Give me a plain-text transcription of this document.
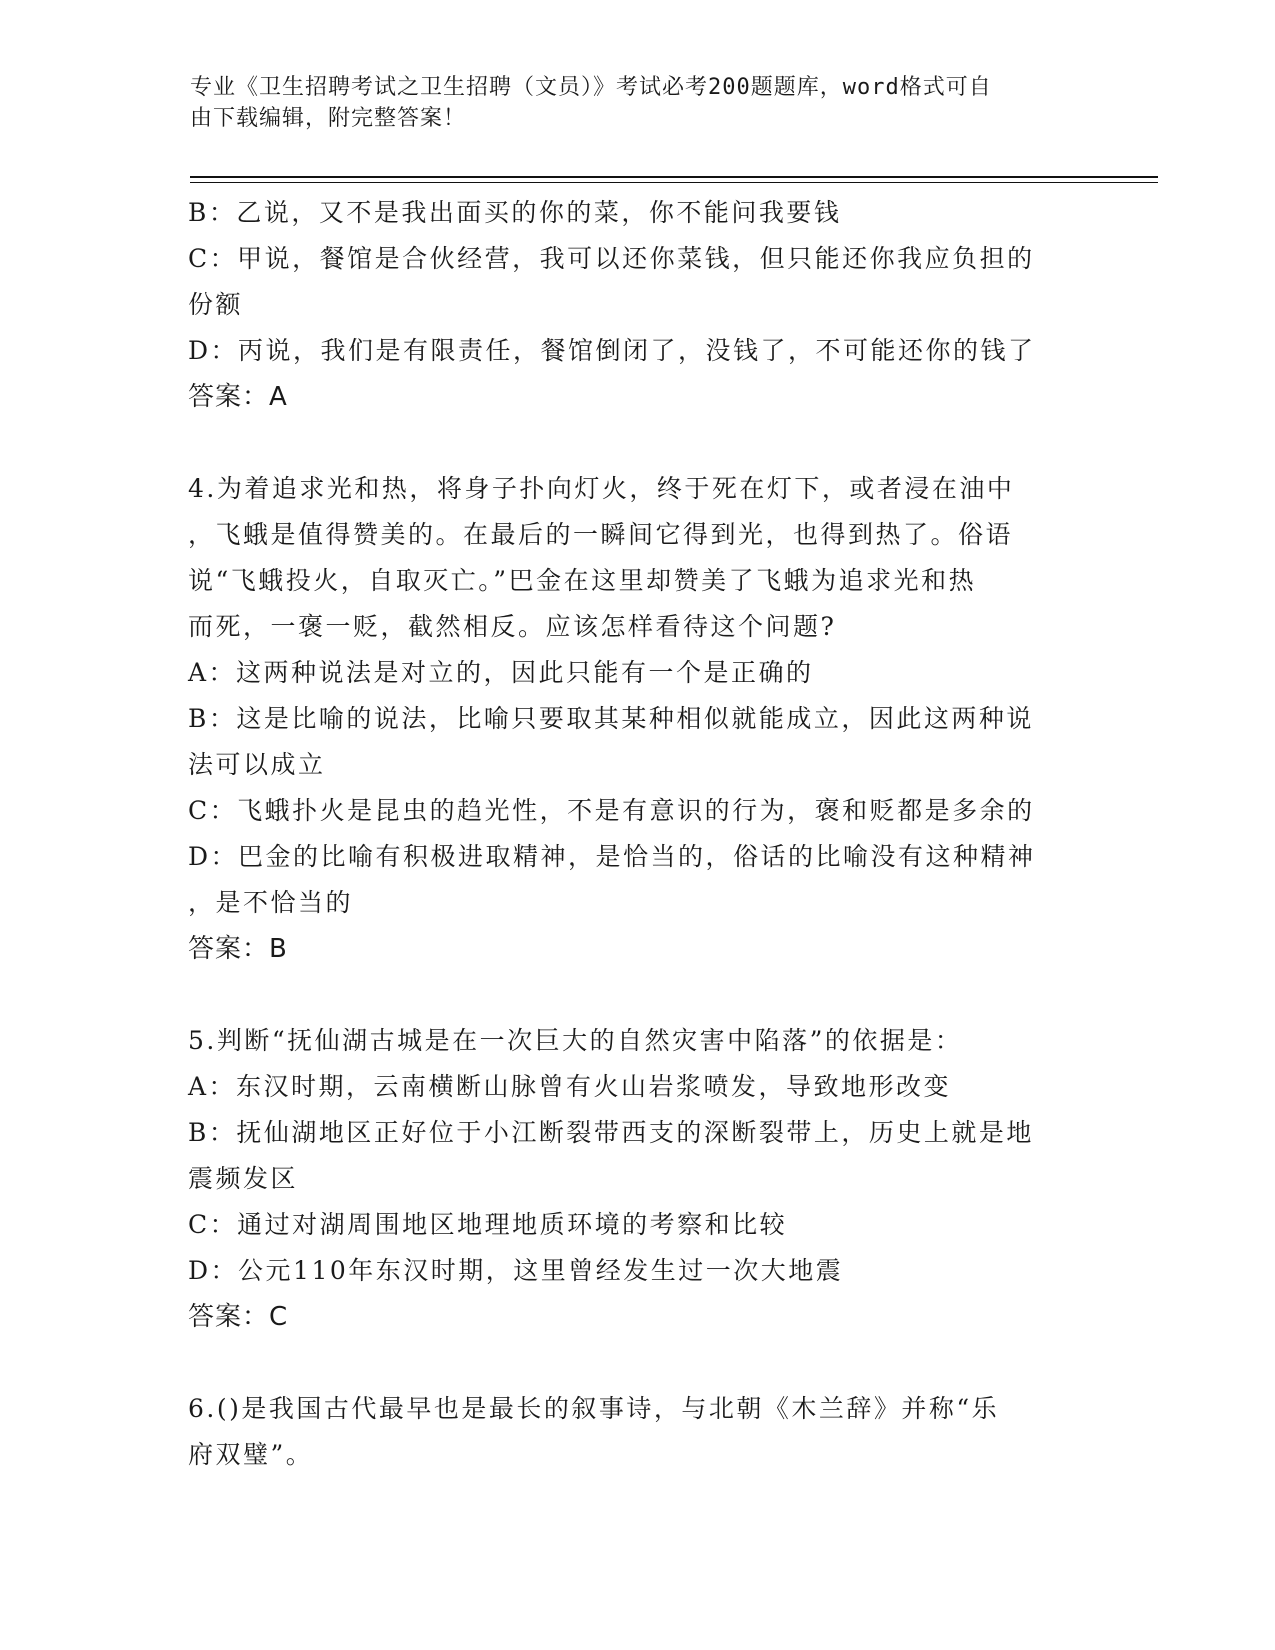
专业《卫生招聘考试之卫生招聘（文员）》考试必考200题题库，word格式可自
由下载编辑，附完整答案！
B：乙说，又不是我出面买的你的菜，你不能问我要钱
C：甲说，餐馆是合伙经营，我可以还你菜钱，但只能还你我应负担的
份额
D：丙说，我们是有限责任，餐馆倒闭了，没钱了，不可能还你的钱了
答案：A
4.为着追求光和热，将身子扑向灯火，终于死在灯下，或者浸在油中
，飞蛾是值得赞美的。在最后的一瞬间它得到光，也得到热了。俗语
说“飞蛾投火，自取灭亡。”巴金在这里却赞美了飞蛾为追求光和热
而死，一褒一贬，截然相反。应该怎样看待这个问题?
A：这两种说法是对立的，因此只能有一个是正确的
B：这是比喻的说法，比喻只要取其某种相似就能成立，因此这两种说
法可以成立
C：飞蛾扑火是昆虫的趋光性，不是有意识的行为，褒和贬都是多余的
D：巴金的比喻有积极进取精神，是恰当的，俗话的比喻没有这种精神
，是不恰当的
答案：B
5.判断“抚仙湖古城是在一次巨大的自然灾害中陷落”的依据是：
A：东汉时期，云南横断山脉曾有火山岩浆喷发，导致地形改变
B：抚仙湖地区正好位于小江断裂带西支的深断裂带上，历史上就是地
震频发区
C：通过对湖周围地区地理地质环境的考察和比较
D：公元110年东汉时期，这里曾经发生过一次大地震
答案：C
6.()是我国古代最早也是最长的叙事诗，与北朝《木兰辞》并称“乐
府双璧”。
